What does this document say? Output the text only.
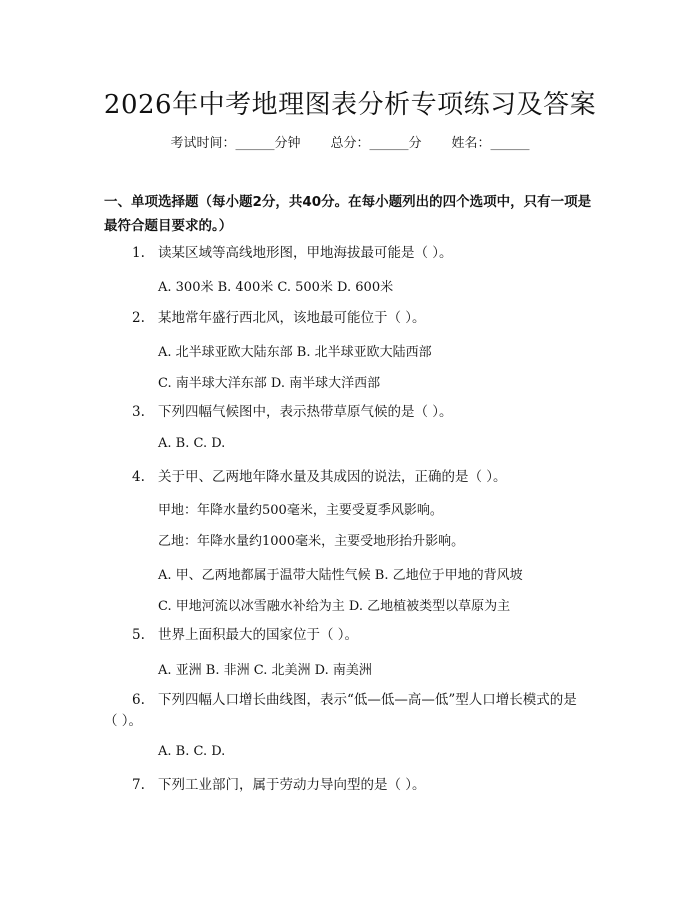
2026年中考地理图表分析专项练习及答案
考试时间：______分钟 总分：______分 姓名：______
一、单项选择题（每小题2分，共40分。在每小题列出的四个选项中，只有一项是最符合题目要求的。）
1. 读某区域等高线地形图，甲地海拔最可能是（ ）。
A. 300米 B. 400米 C. 500米 D. 600米
2. 某地常年盛行西北风，该地最可能位于（ ）。
A. 北半球亚欧大陆东部 B. 北半球亚欧大陆西部
C. 南半球大洋东部 D. 南半球大洋西部
3. 下列四幅气候图中，表示热带草原气候的是（ ）。
A. B. C. D.
4. 关于甲、乙两地年降水量及其成因的说法，正确的是（ ）。
甲地：年降水量约500毫米，主要受夏季风影响。
乙地：年降水量约1000毫米，主要受地形抬升影响。
A. 甲、乙两地都属于温带大陆性气候 B. 乙地位于甲地的背风坡
C. 甲地河流以冰雪融水补给为主 D. 乙地植被类型以草原为主
5. 世界上面积最大的国家位于（ ）。
A. 亚洲 B. 非洲 C. 北美洲 D. 南美洲
6. 下列四幅人口增长曲线图，表示“低—低—高—低”型人口增长模式的是
（ ）。
A. B. C. D.
7. 下列工业部门，属于劳动力导向型的是（ ）。
